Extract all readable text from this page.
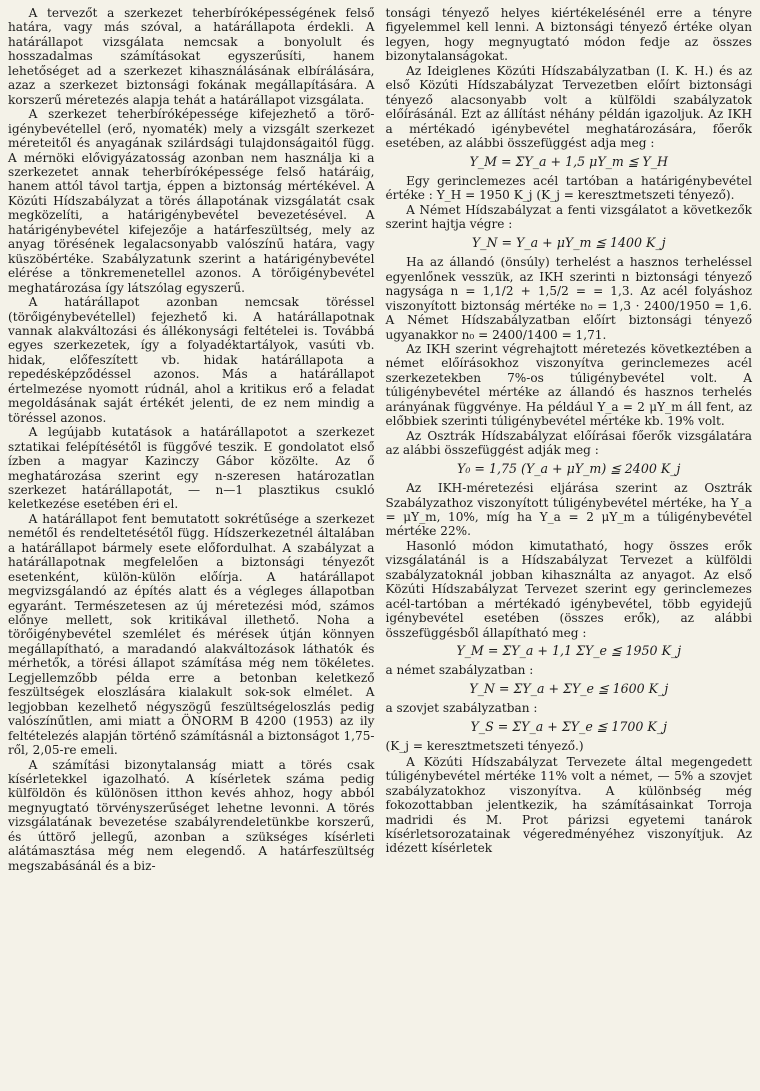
A tervezőt a szerkezet teherbíróképességének felső határa, vagy más szóval, a határállapota érdekli. A határállapot vizsgálata nemcsak a bonyolult és hosszadalmas számításokat egyszerűsíti, hanem lehetőséget ad a szerkezet kihasználásának elbírálására, azaz a szerkezet biztonsági fokának megállapítására. A korszerű méretezés alapja tehát a határállapot vizsgálata.

A szerkezet teherbíróképessége kifejezhető a törő-igénybevétellel (erő, nyomaték) mely a vizsgált szerkezet méreteitől és anyagának szilárdsági tulajdonságaitól függ. A mérnöki elővigyázatosság azonban nem használja ki a szerkezetet annak teherbíróképessége felső határáig, hanem attól távol tartja, éppen a biztonság mértékével. A Közúti Hídszabályzat a törés állapotának vizsgálatát csak megközelíti, a határigénybevétel bevezetésével. A határigénybevétel kifejezője a határfeszültség, mely az anyag törésének legalacsonyabb valószínű határa, vagy küszöbértéke. Szabályzatunk szerint a határigénybevétel elérése a tönkremenetellel azonos. A törőigénybevétel meghatározása így látszólag egyszerű.

A határállapot azonban nemcsak töréssel (törőigénybevétellel) fejezhető ki. A határállapotnak vannak alakváltozási és állékonysági feltételei is. Továbbá egyes szerkezetek, így a folyadéktartályok, vasúti vb. hidak, előfeszített vb. hidak határállapota a repedésképződéssel azonos. Más a határállapot értelmezése nyomott rúdnál, ahol a kritikus erő a feladat megoldásának saját értékét jelenti, de ez nem mindig a töréssel azonos.

A legújabb kutatások a határállapotot a szerkezet sztatikai felépítésétől is függővé teszik. E gondolatot első ízben a magyar Kazinczy Gábor közölte. Az ő meghatározása szerint egy n-szeresen határozatlan szerkezet határállapotát, — n—1 plasztikus csukló keletkezése esetében éri el.

A határállapot fent bemutatott sokrétűsége a szerkezet nemétől és rendeltetésétől függ. Hídszerkezetnél általában a határállapot bármely esete előfordulhat. A szabályzat a határállapotnak megfelelően a biztonsági tényezőt esetenként, külön-külön előírja. A határállapot megvizsgálandó az építés alatt és a végleges állapotban egyaránt. Természetesen az új méretezési mód, számos előnye mellett, sok kritikával illethető. Noha a törőigénybevétel szemlélet és mérések útján könnyen megállapítható, a maradandó alakváltozások láthatók és mérhetők, a törési állapot számítása még nem tökéletes. Legjellemzőbb példa erre a betonban keletkező feszültségek eloszlására kialakult sok-sok elmélet. A legjobban kezelhető négyszögű feszültségeloszlás pedig valószínűtlen, ami miatt a ÖNORM B 4200 (1953) az ily feltételezés alapján történő számításnál a biztonságot 1,75-ről, 2,05-re emeli.

A számítási bizonytalanság miatt a törés csak kísérletekkel igazolható. A kísérletek száma pedig külföldön és különösen itthon kevés ahhoz, hogy abból megnyugtató törvényszerűséget lehetne levonni. A törés vizsgálatának bevezetése szabályrendeletünkbe korszerű, és úttörő jellegű, azonban a szükséges kísérleti alátámasztása még nem elegendő. A határfeszültség megszabásánál és a biz-

tonsági tényező helyes kiértékelésénél erre a tényre figyelemmel kell lenni. A biztonsági tényező értéke olyan legyen, hogy megnyugtató módon fedje az összes bizonytalanságokat.

Az Ideiglenes Közúti Hídszabályzatban (I. K. H.) és az első Közúti Hídszabályzat Tervezetben előírt biztonsági tényező alacsonyabb volt a külföldi szabályzatok előírásánál. Ezt az állítást néhány példán igazoljuk. Az IKH a mértékadó igénybevétel meghatározására, főerők esetében, az alábbi összefüggést adja meg :

Y_M = ΣY_a + 1,5 μY_m ≦ Y_H

Egy gerinclemezes acél tartóban a határigénybevétel értéke : Y_H = 1950 K_j (K_j = keresztmetszeti tényező).

A Német Hídszabályzat a fenti vizsgálatot a következők szerint hajtja végre :

Y_N = Y_a + μY_m ≦ 1400 K_j

Ha az állandó (önsúly) terhelést a hasznos terheléssel egyenlőnek vesszük, az IKH szerinti n biztonsági tényező nagysága n = 1,1/2 + 1,5/2 = = 1,3. Az acél folyáshoz viszonyított biztonság mértéke n₀ = 1,3 · 2400/1950 = 1,6. A Német Hídszabályzatban előírt biztonsági tényező ugyanakkor n₀ = 2400/1400 = 1,71.

Az IKH szerint végrehajtott méretezés következtében a német előírásokhoz viszonyítva gerinclemezes acél szerkezetekben 7%-os túligénybevétel volt. A túligénybevétel mértéke az állandó és hasznos terhelés arányának függvénye. Ha például Y_a = 2 μY_m áll fent, az előbbiek szerinti túligénybevétel mértéke kb. 19% volt.

Az Osztrák Hídszabályzat előírásai főerők vizsgálatára az alábbi összefüggést adják meg :

Y₀ = 1,75 (Y_a + μY_m) ≦ 2400 K_j

Az IKH-méretezési eljárása szerint az Osztrák Szabályzathoz viszonyított túligénybevétel mértéke, ha Y_a = μY_m, 10%, míg ha Y_a = 2 μY_m a túligénybevétel mértéke 22%.

Hasonló módon kimutatható, hogy összes erők vizsgálatánál is a Hídszabályzat Tervezet a külföldi szabályzatoknál jobban kihasználta az anyagot. Az első Közúti Hídszabályzat Tervezet szerint egy gerinclemezes acél-tartóban a mértékadó igénybevétel, több egyidejű igénybevétel esetében (összes erők), az alábbi összefüggésből állapítható meg :

Y_M = ΣY_a + 1,1 ΣY_e ≦ 1950 K_j

a német szabályzatban :

Y_N = ΣY_a + ΣY_e ≦ 1600 K_j

a szovjet szabályzatban :

Y_S = ΣY_a + ΣY_e ≦ 1700 K_j

(K_j = keresztmetszeti tényező.)

A Közúti Hídszabályzat Tervezete által megengedett túligénybevétel mértéke 11% volt a német, — 5% a szovjet szabályzatokhoz viszonyítva. A különbség még fokozottabban jelentkezik, ha számításainkat Torroja madridi és M. Prot párizsi egyetemi tanárok kísérletsorozatainak végeredményéhez viszonyítjuk. Az idézett kísérletek
